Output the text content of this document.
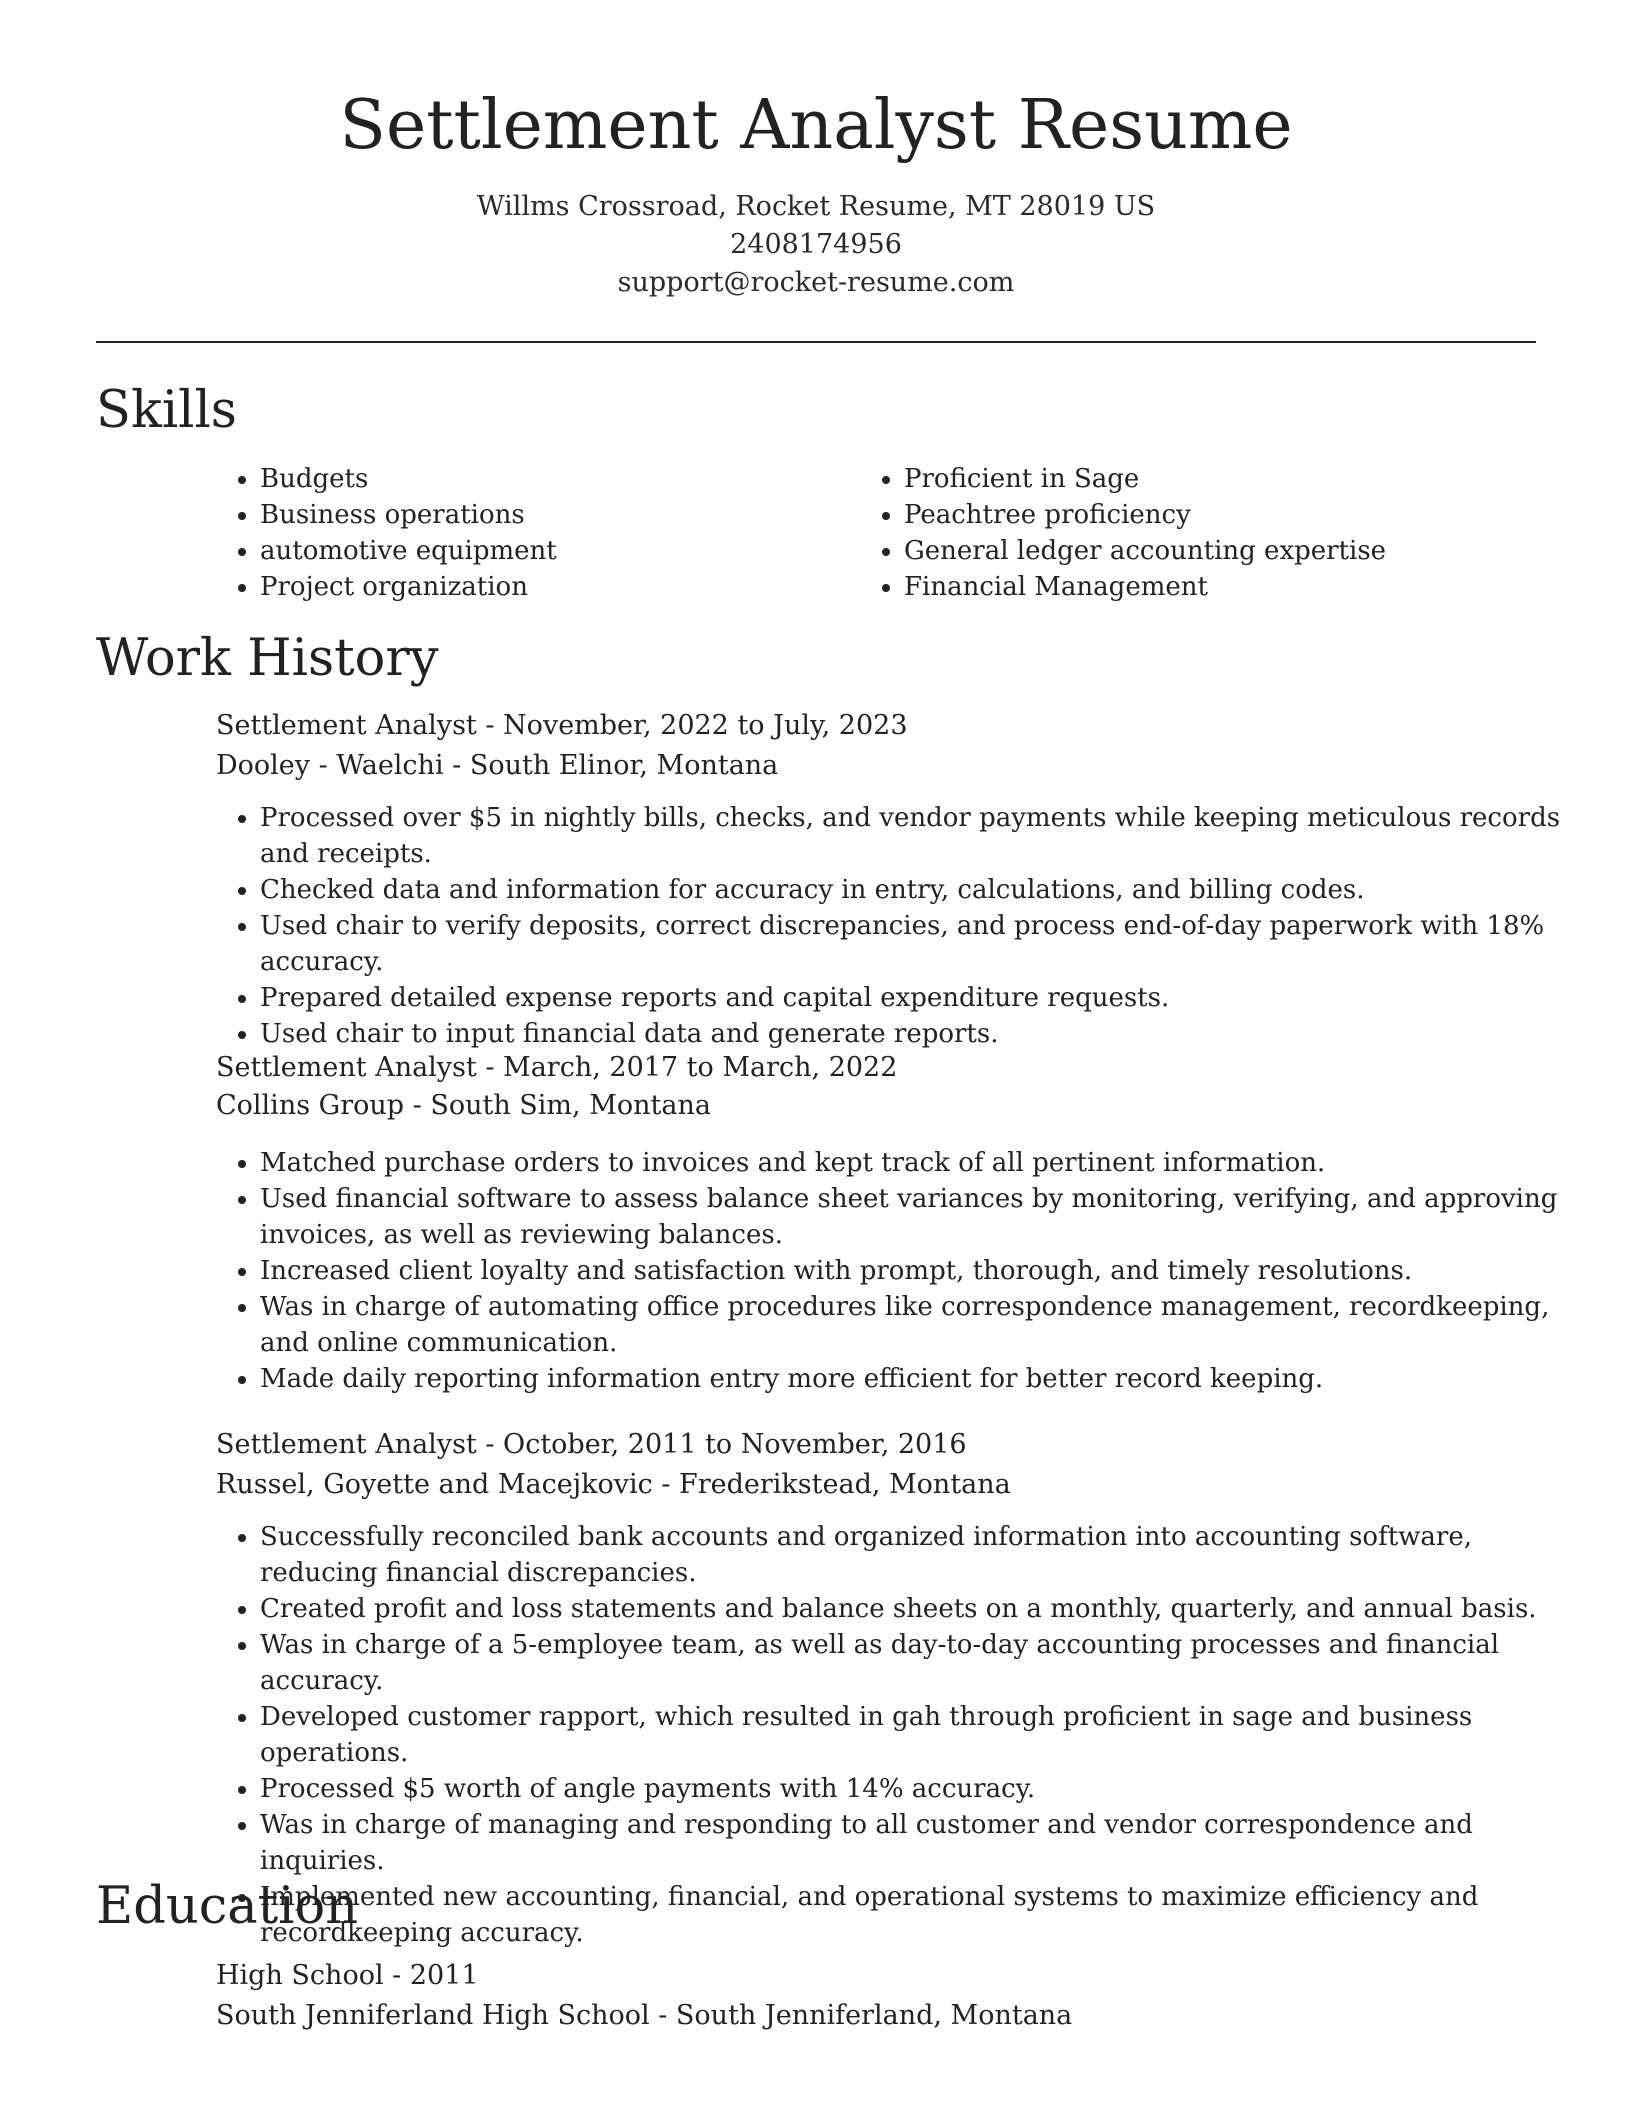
Settlement Analyst Resume
Willms Crossroad, Rocket Resume, MT 28019 US
2408174956
support@rocket-resume.com
Skills
• Budgets
• Business operations
• automotive equipment
• Project organization
• Proficient in Sage
• Peachtree proficiency
• General ledger accounting expertise
• Financial Management
Work History
Settlement Analyst - November, 2022 to July, 2023
Dooley - Waelchi - South Elinor, Montana
• Processed over $5 in nightly bills, checks, and vendor payments while keeping meticulous records and receipts.
• Checked data and information for accuracy in entry, calculations, and billing codes.
• Used chair to verify deposits, correct discrepancies, and process end-of-day paperwork with 18% accuracy.
• Prepared detailed expense reports and capital expenditure requests.
• Used chair to input financial data and generate reports.
Settlement Analyst - March, 2017 to March, 2022
Collins Group - South Sim, Montana
• Matched purchase orders to invoices and kept track of all pertinent information.
• Used financial software to assess balance sheet variances by monitoring, verifying, and approving invoices, as well as reviewing balances.
• Increased client loyalty and satisfaction with prompt, thorough, and timely resolutions.
• Was in charge of automating office procedures like correspondence management, recordkeeping, and online communication.
• Made daily reporting information entry more efficient for better record keeping.
Settlement Analyst - October, 2011 to November, 2016
Russel, Goyette and Macejkovic - Frederikstead, Montana
• Successfully reconciled bank accounts and organized information into accounting software, reducing financial discrepancies.
• Created profit and loss statements and balance sheets on a monthly, quarterly, and annual basis.
• Was in charge of a 5-employee team, as well as day-to-day accounting processes and financial accuracy.
• Developed customer rapport, which resulted in gah through proficient in sage and business operations.
• Processed $5 worth of angle payments with 14% accuracy.
• Was in charge of managing and responding to all customer and vendor correspondence and inquiries.
• Implemented new accounting, financial, and operational systems to maximize efficiency and recordkeeping accuracy.
Education
High School - 2011
South Jenniferland High School - South Jenniferland, Montana
